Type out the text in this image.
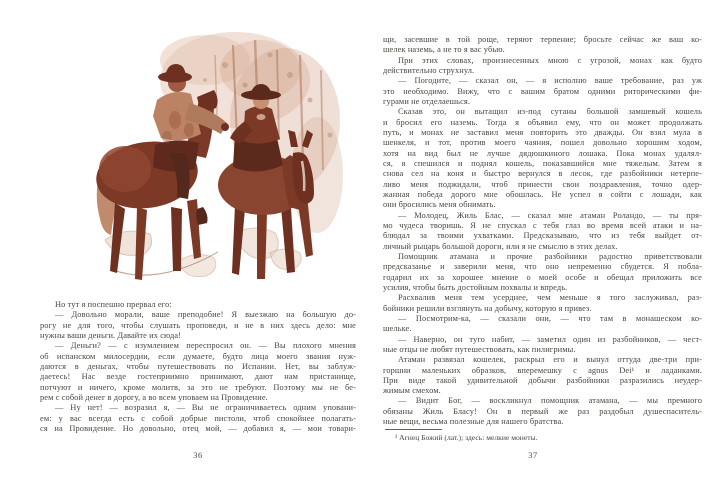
Но тут я поспешно прервал его:
— Довольно морали, ваше преподобие! Я выезжаю на большую до-
рогу не для того, чтобы слушать проповеди, и не в них здесь дело: мне
нужны ваши деньги. Давайте их сюда!
— Деньги? — с изумлением переспросил он. — Вы плохого мнения
об испанском милосердии, если думаете, будто лица моего звания нуж-
даются в деньгах, чтобы путешествовать по Испании. Нет, вы заблуж-
даетесь! Нас везде гостеприимно принимают, дают нам пристанище,
потчуют и ничего, кроме молитв, за это не требуют. Поэтому мы не бе-
рем с собой денег в дорогу, а во всем уповаем на Провидение.
— Ну нет! — возразил я, — Вы не ограничиваетесь одним уповани-
ем: у вас всегда есть с собой добрые пистоли, чтоб спокойнее полагать-
ся на Провидение. Но довольно, отец мой, — добавил я, — мои товари-
36
щи, засевшие в той роще, теряют терпение; бросьте сейчас же ваш ко-
шелек наземь, а не то я вас убью.
При этих словах, произнесенных мною с угрозой, монах как будто
действительно струхнул.
— Погодите, — сказал он, — я исполню ваше требование, раз уж
это необходимо. Вижу, что с вашим братом одними риторическими фи-
гурами не отделаешься.
Сказав это, он вытащил из-под сутаны большой замшевый кошель
и бросил его наземь. Тогда я объявил ему, что он может продолжать
путь, и монах не заставил меня повторить это дважды. Он взял мула в
шенкеля, и тот, против моего чаяния, пошел довольно хорошим ходом,
хотя на вид был не лучше дядюшкиного лошака. Пока монах удалял-
ся, я спешился и поднял кошель, показавшийся мне тяжелым. Затем я
снова сел на коня и быстро вернулся в лесок, где разбойники нетерпе-
ливо меня поджидали, чтоб принести свои поздравления, точно одер-
жанная победа дорого мне обошлась. Не успел я сойти с лошади, как
они бросились меня обнимать.
— Молодец, Жиль Блас, — сказал мне атаман Роландо, — ты пря-
мо чудеса творишь. Я не спускал с тебя глаз во время всей атаки и на-
блюдал за твоими ухватками. Предсказываю, что из тебя выйдет от-
личный рыцарь большой дороги, или я не смыслю в этих делах.
Помощник атамана и прочие разбойники радостно приветствовали
предсказанье и заверили меня, что оно непременно сбудется. Я побла-
годарил их за хорошее мнение о моей особе и обещал приложить все
усилия, чтобы быть достойным похвалы и впредь.
Расхвалив меня тем усерднее, чем меньше я того заслуживал, раз-
бойники решили взглянуть на добычу, которую я привез.
— Посмотрим-ка, — сказали они, — что там в монашеском ко-
шельке.
— Наверно, он туго набит, — заметил один из разбойников, — чест-
ные отцы не любят путешествовать, как пилигримы.
Атаман развязал кошелек, раскрыл его и вынул оттуда две-три при-
горшни маленьких образков, вперемешку с agnus Dei¹ и ладанками.
При виде такой удивительной добычи разбойники разразились неудер-
жимым смехом.
— Видит Бог, — воскликнул помощник атамана, — мы премного
обязаны Жиль Бласу! Он в первый же раз раздобыл душеспаситель-
ные вещи, весьма полезные для нашего братства.
¹ Агнец Божий (лат.); здесь: мелкие монеты.
37
